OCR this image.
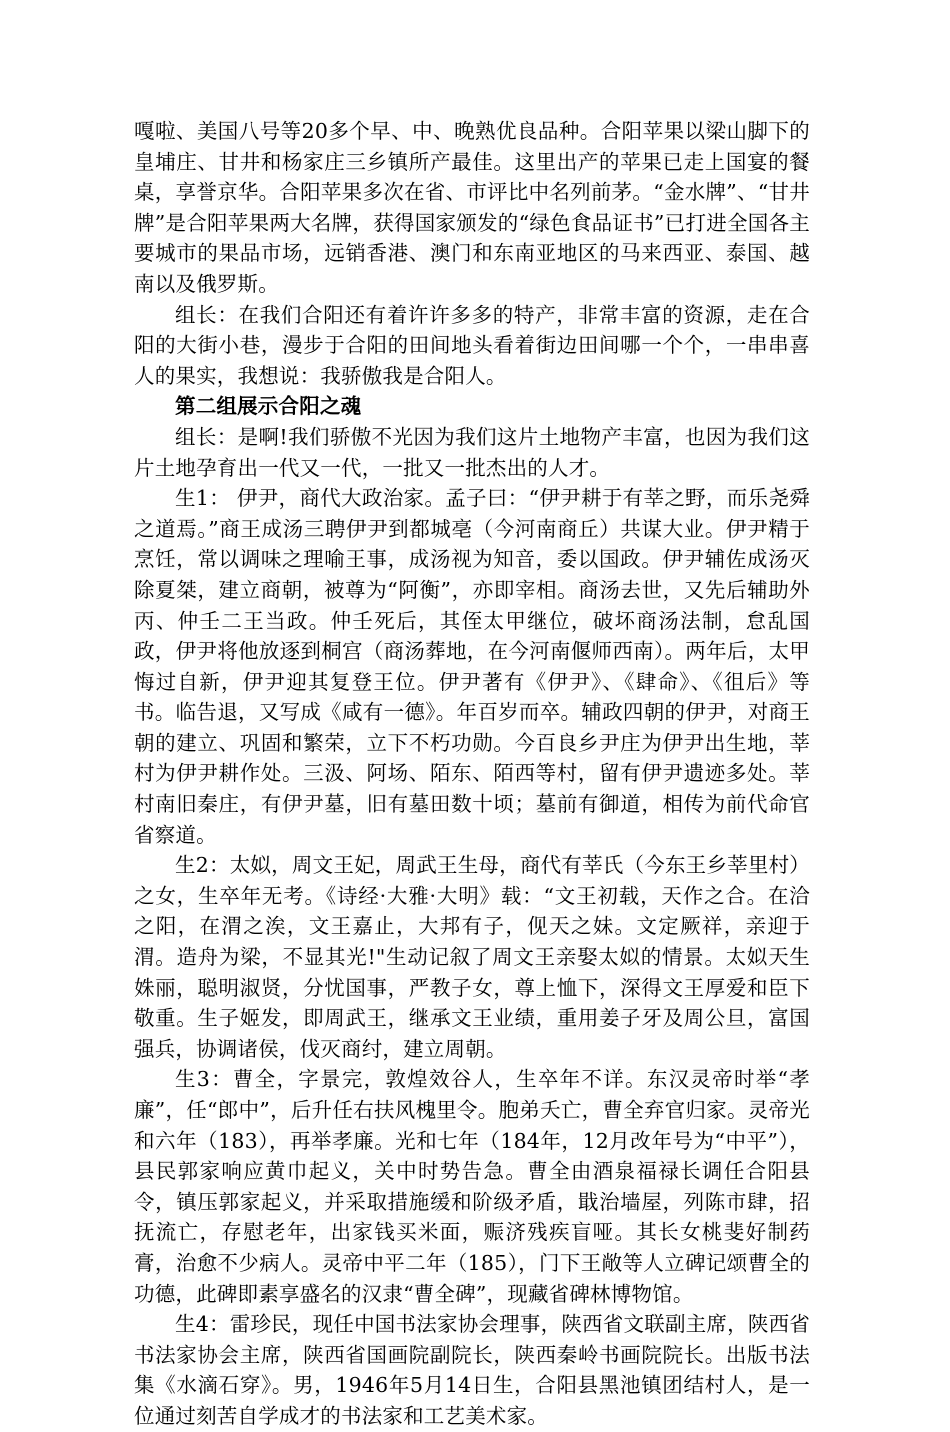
嘎啦、美国八号等20多个早、中、晚熟优良品种。合阳苹果以梁山脚下的皇埔庄、甘井和杨家庄三乡镇所产最佳。这里出产的苹果已走上国宴的餐桌，享誉京华。合阳苹果多次在省、市评比中名列前茅。“金水牌”、“甘井牌”是合阳苹果两大名牌，获得国家颁发的“绿色食品证书”已打进全国各主要城市的果品市场，远销香港、澳门和东南亚地区的马来西亚、泰国、越南以及俄罗斯。

组长：在我们合阳还有着许许多多的特产，非常丰富的资源，走在合阳的大街小巷，漫步于合阳的田间地头看着街边田间哪一个个，一串串喜人的果实，我想说：我骄傲我是合阳人。

第二组展示合阳之魂

组长：是啊!我们骄傲不光因为我们这片土地物产丰富，也因为我们这片土地孕育出一代又一代，一批又一批杰出的人才。

生1： 伊尹，商代大政治家。孟子曰：“伊尹耕于有莘之野，而乐尧舜之道焉。”商王成汤三聘伊尹到都城亳（今河南商丘）共谋大业。伊尹精于烹饪，常以调味之理喻王事，成汤视为知音，委以国政。伊尹辅佐成汤灭除夏桀，建立商朝，被尊为“阿衡”，亦即宰相。商汤去世，又先后辅助外丙、仲壬二王当政。仲壬死后，其侄太甲继位，破坏商汤法制，怠乱国政，伊尹将他放逐到桐宫（商汤葬地，在今河南偃师西南）。两年后，太甲悔过自新，伊尹迎其复登王位。伊尹著有《伊尹》、《肆命》、《徂后》等书。临告退，又写成《咸有一德》。年百岁而卒。辅政四朝的伊尹，对商王朝的建立、巩固和繁荣，立下不朽功勋。今百良乡尹庄为伊尹出生地，莘村为伊尹耕作处。三汲、阿场、陌东、陌西等村，留有伊尹遗迹多处。莘村南旧秦庄，有伊尹墓，旧有墓田数十顷；墓前有御道，相传为前代命官省察道。

生2：太姒，周文王妃，周武王生母，商代有莘氏（今东王乡莘里村）之女，生卒年无考。《诗经·大雅·大明》载：“文王初载，天作之合。在洽之阳，在渭之涘，文王嘉止，大邦有子，伣天之妹。文定厥祥，亲迎于渭。造舟为梁，不显其光!"生动记叙了周文王亲娶太姒的情景。太姒天生姝丽，聪明淑贤，分忧国事，严教子女，尊上恤下，深得文王厚爱和臣下敬重。生子姬发，即周武王，继承文王业绩，重用姜子牙及周公旦，富国强兵，协调诸侯，伐灭商纣，建立周朝。

生3：曹全，字景完，敦煌效谷人，生卒年不详。东汉灵帝时举“孝廉”，任“郎中”，后升任右扶风槐里令。胞弟夭亡，曹全弃官归家。灵帝光和六年（183），再举孝廉。光和七年（184年，12月改年号为“中平”），县民郭家响应黄巾起义，关中时势告急。曹全由酒泉福禄长调任合阳县令，镇压郭家起义，并采取措施缓和阶级矛盾，戢治墙屋，列陈市肆，招抚流亡，存慰老年，出家钱买米面，赈济残疾盲哑。其长女桃斐好制药膏，治愈不少病人。灵帝中平二年（185），门下王敞等人立碑记颂曹全的功德，此碑即素享盛名的汉隶“曹全碑”，现藏省碑林博物馆。

生4：雷珍民，现任中国书法家协会理事，陕西省文联副主席，陕西省书法家协会主席，陕西省国画院副院长，陕西秦岭书画院院长。出版书法集《水滴石穿》。男，1946年5月14日生，合阳县黑池镇团结村人，是一位通过刻苦自学成才的书法家和工艺美术家。
